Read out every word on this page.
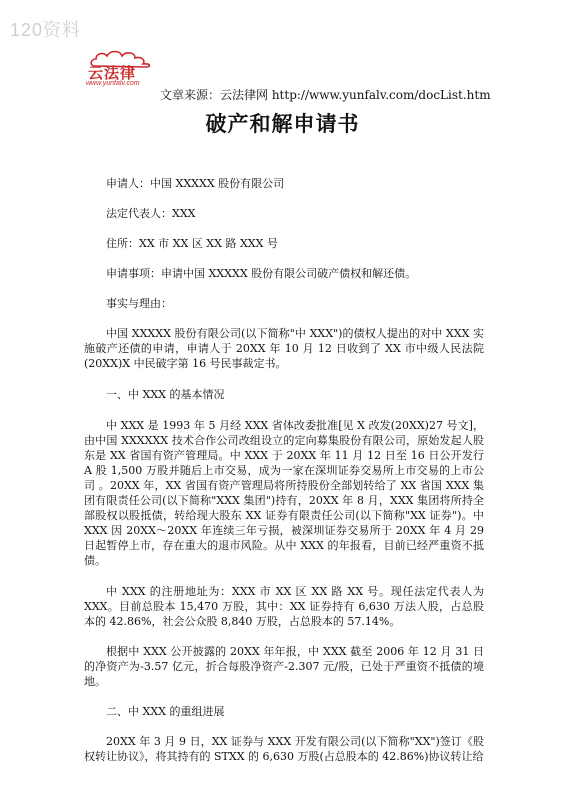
120资料
云法律
www.yunfalv.com
文章来源：云法律网 http://www.yunfalv.com/docList.htm
破产和解申请书

申请人：中国 XXXXX 股份有限公司

法定代表人：XXX

住所：XX 市 XX 区 XX 路 XXX 号

申请事项：申请中国 XXXXX 股份有限公司破产债权和解还债。

事实与理由：

中国 XXXXX 股份有限公司(以下简称"中 XXX")的债权人提出的对中 XXX 实施破产还债的申请，申请人于 20XX 年 10 月 12 日收到了 XX 市中级人民法院(20XX)X 中民破字第 16 号民事裁定书。

一、中 XXX 的基本情况

中 XXX 是 1993 年 5 月经 XXX 省体改委批准[见 X 改发(20XX)27 号文]，由中国 XXXXXX 技术合作公司改组设立的定向募集股份有限公司，原始发起人股东是 XX 省国有资产管理局。中 XXX 于 20XX 年 11 月 12 日至 16 日公开发行 A 股 1,500 万股并随后上市交易，成为一家在深圳证券交易所上市交易的上市公司 。20XX 年，XX 省国有资产管理局将所持股份全部划转给了 XX 省国 XXX 集团有限责任公司(以下简称"XXX 集团")持有，20XX 年 8 月，XXX 集团将所持全部股权以股抵债，转给现大股东 XX 证券有限责任公司(以下简称"XX 证券")。中 XXX 因 20XX～20XX 年连续三年亏损，被深圳证券交易所于 20XX 年 4 月 29 日起暂停上市，存在重大的退市风险。从中 XXX 的年报看，目前已经严重资不抵债。

中 XXX 的注册地址为：XXX 市 XX 区 XX 路 XX 号。现任法定代表人为 XXX。目前总股本 15,470 万股，其中：XX 证券持有 6,630 万法人股，占总股本的 42.86%，社会公众股 8,840 万股，占总股本的 57.14%。

根据中 XXX 公开披露的 20XX 年年报，中 XXX 截至 2006 年 12 月 31 日的净资产为-3.57 亿元，折合每股净资产-2.307 元/股，已处于严重资不抵债的境地。

二、中 XXX 的重组进展

20XX 年 3 月 9 日，XX 证券与 XXX 开发有限公司(以下简称"XX")签订《股权转让协议》，将其持有的 STXX 的 6,630 万股(占总股本的 42.86%)协议转让给
